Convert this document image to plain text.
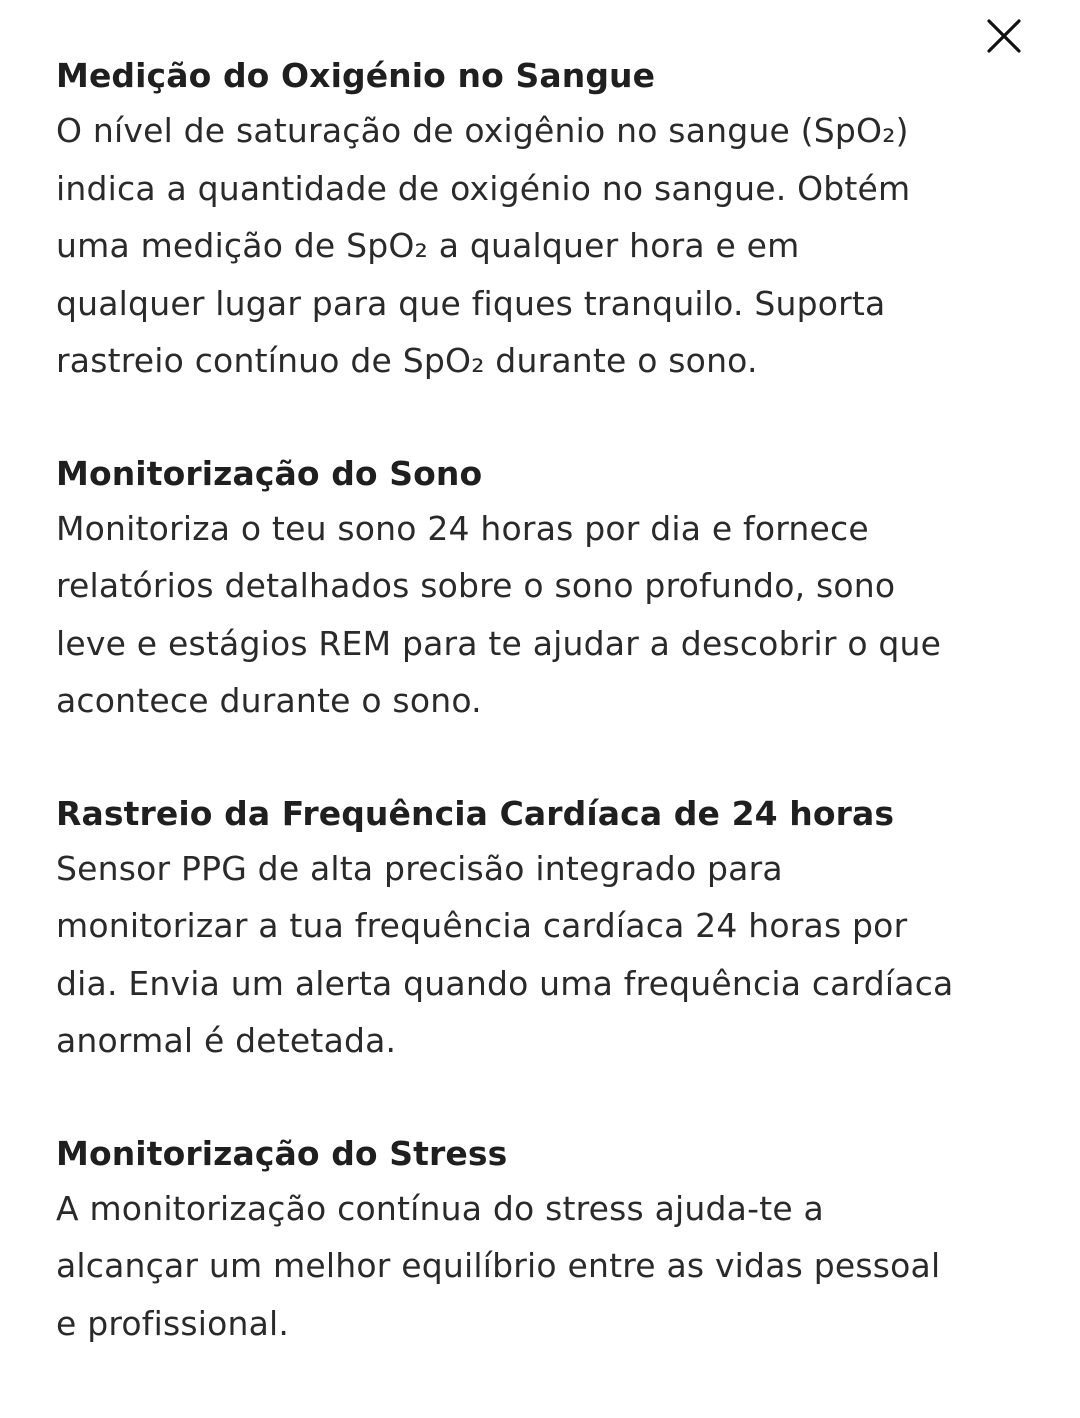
Medição do Oxigénio no Sangue

O nível de saturação de oxigênio no sangue (SpO₂)
indica a quantidade de oxigénio no sangue. Obtém
uma medição de SpO₂ a qualquer hora e em
qualquer lugar para que fiques tranquilo. Suporta
rastreio contínuo de SpO₂ durante o sono.

Monitorização do Sono

Monitoriza o teu sono 24 horas por dia e fornece
relatórios detalhados sobre o sono profundo, sono
leve e estágios REM para te ajudar a descobrir o que
acontece durante o sono.

Rastreio da Frequência Cardíaca de 24 horas

Sensor PPG de alta precisão integrado para
monitorizar a tua frequência cardíaca 24 horas por
dia. Envia um alerta quando uma frequência cardíaca
anormal é detetada.

Monitorização do Stress

A monitorização contínua do stress ajuda-te a
alcançar um melhor equilíbrio entre as vidas pessoal
e profissional.
